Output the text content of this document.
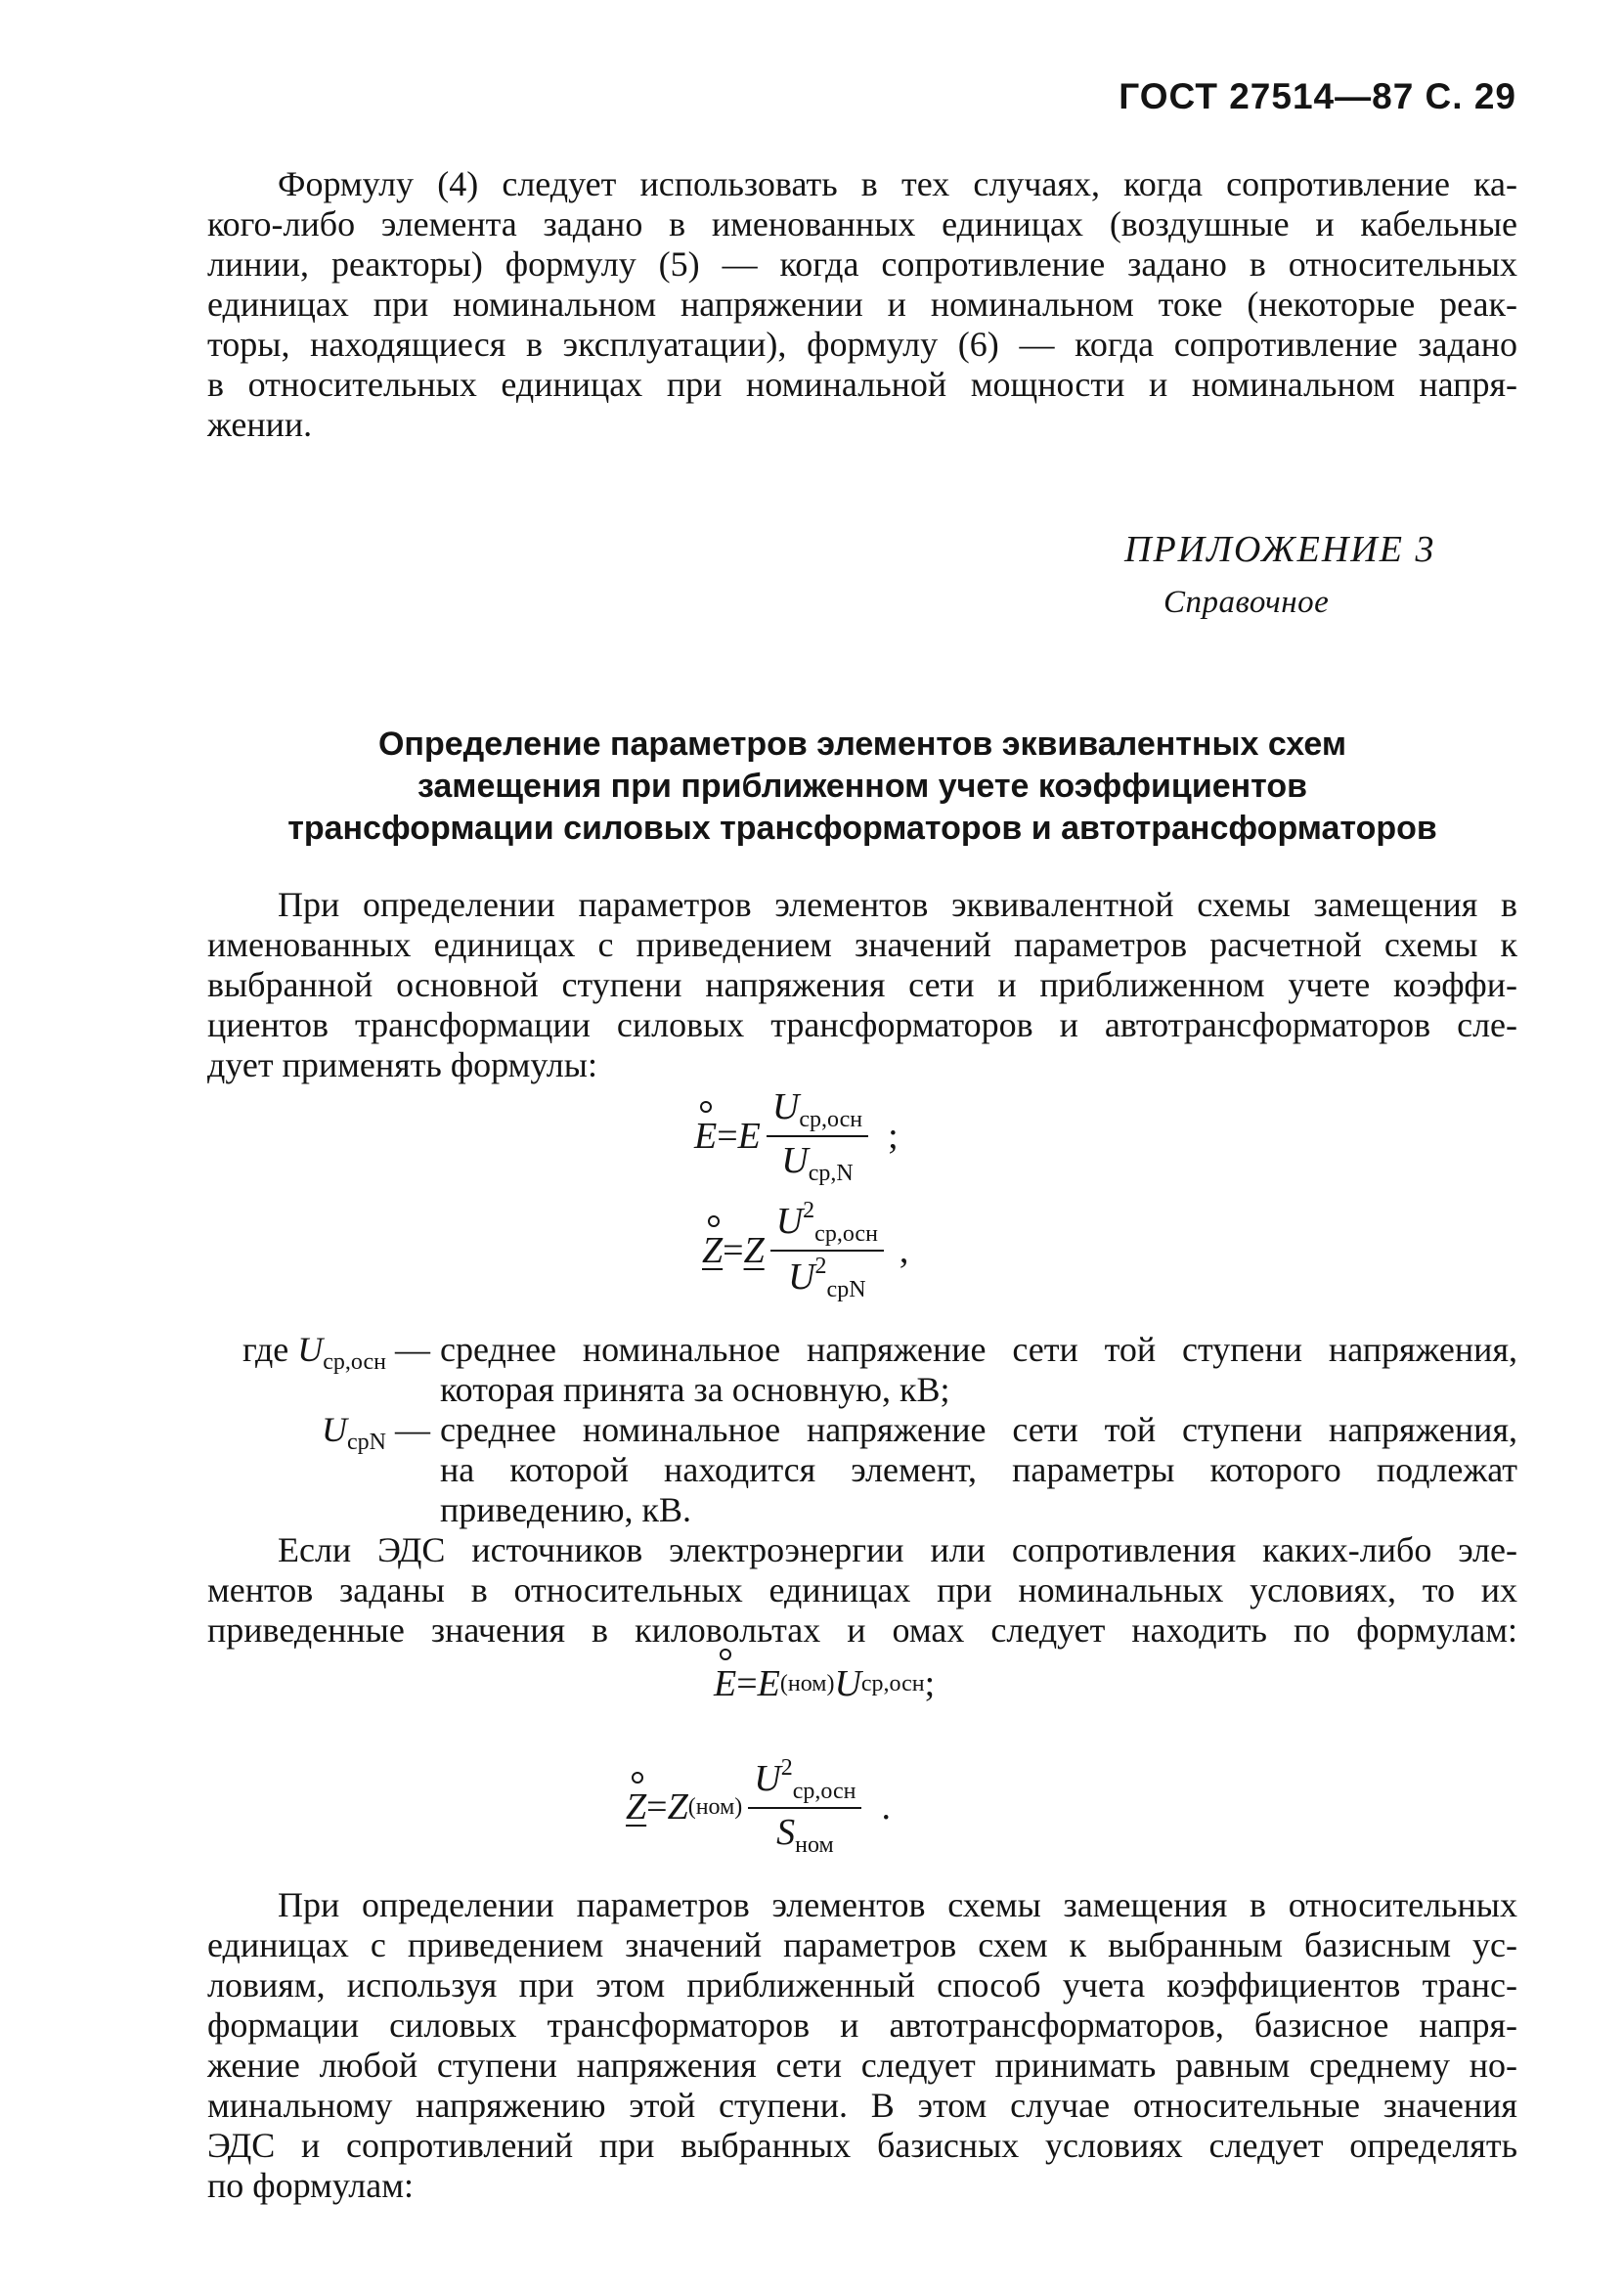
ГОСТ 27514—87 С. 29
Формулу (4) следует использовать в тех случаях, когда сопротивление ка-
кого-либо элемента задано в именованных единицах (воздушные и кабельные
линии, реакторы) формулу (5) — когда сопротивление задано в относительных
единицах при номинальном напряжении и номинальном токе (некоторые реак-
торы, находящиеся в эксплуатации), формулу (6) — когда сопротивление задано
в относительных единицах при номинальной мощности и номинальном напря-
жении.
ПРИЛОЖЕНИЕ 3
Справочное
Определение параметров элементов эквивалентных схем
замещения при приближенном учете коэффициентов
трансформации силовых трансформаторов и автотрансформаторов
При определении параметров элементов эквивалентной схемы замещения в
именованных единицах с приведением значений параметров расчетной схемы к
выбранной основной ступени напряжения сети и приближенном учете коэффи-
циентов трансформации силовых трансформаторов и автотрансформаторов сле-
дует применять формулы:
E = E $\frac{U_{ср,осн}}{U_{ср,N}}$ ;
Z = Z $\frac{U^2_{ср,осн}}{U^2_{срN}}$ ,
где $U_{ср,осн}$ — среднее номинальное напряжение сети той ступени напряжения,
которая принята за основную, кВ;
$U_{срN}$ — среднее номинальное напряжение сети той ступени напряжения,
на которой находится элемент, параметры которого подлежат
приведению, кВ.
Если ЭДС источников электроэнергии или сопротивления каких-либо эле-
ментов заданы в относительных единицах при номинальных условиях, то их
приведенные значения в киловольтах и омах следует находить по формулам:
E = E (ном) U ср,осн ;
Z = Z $(ном) \frac{U^2_{ср,осн}}{S_{ном}}$ .
При определении параметров элементов схемы замещения в относительных
единицах с приведением значений параметров схем к выбранным базисным ус-
ловиям, используя при этом приближенный способ учета коэффициентов транс-
формации силовых трансформаторов и автотрансформаторов, базисное напря-
жение любой ступени напряжения сети следует принимать равным среднему но-
минальному напряжению этой ступени. В этом случае относительные значения
ЭДС и сопротивлений при выбранных базисных условиях следует определять
по формулам:
